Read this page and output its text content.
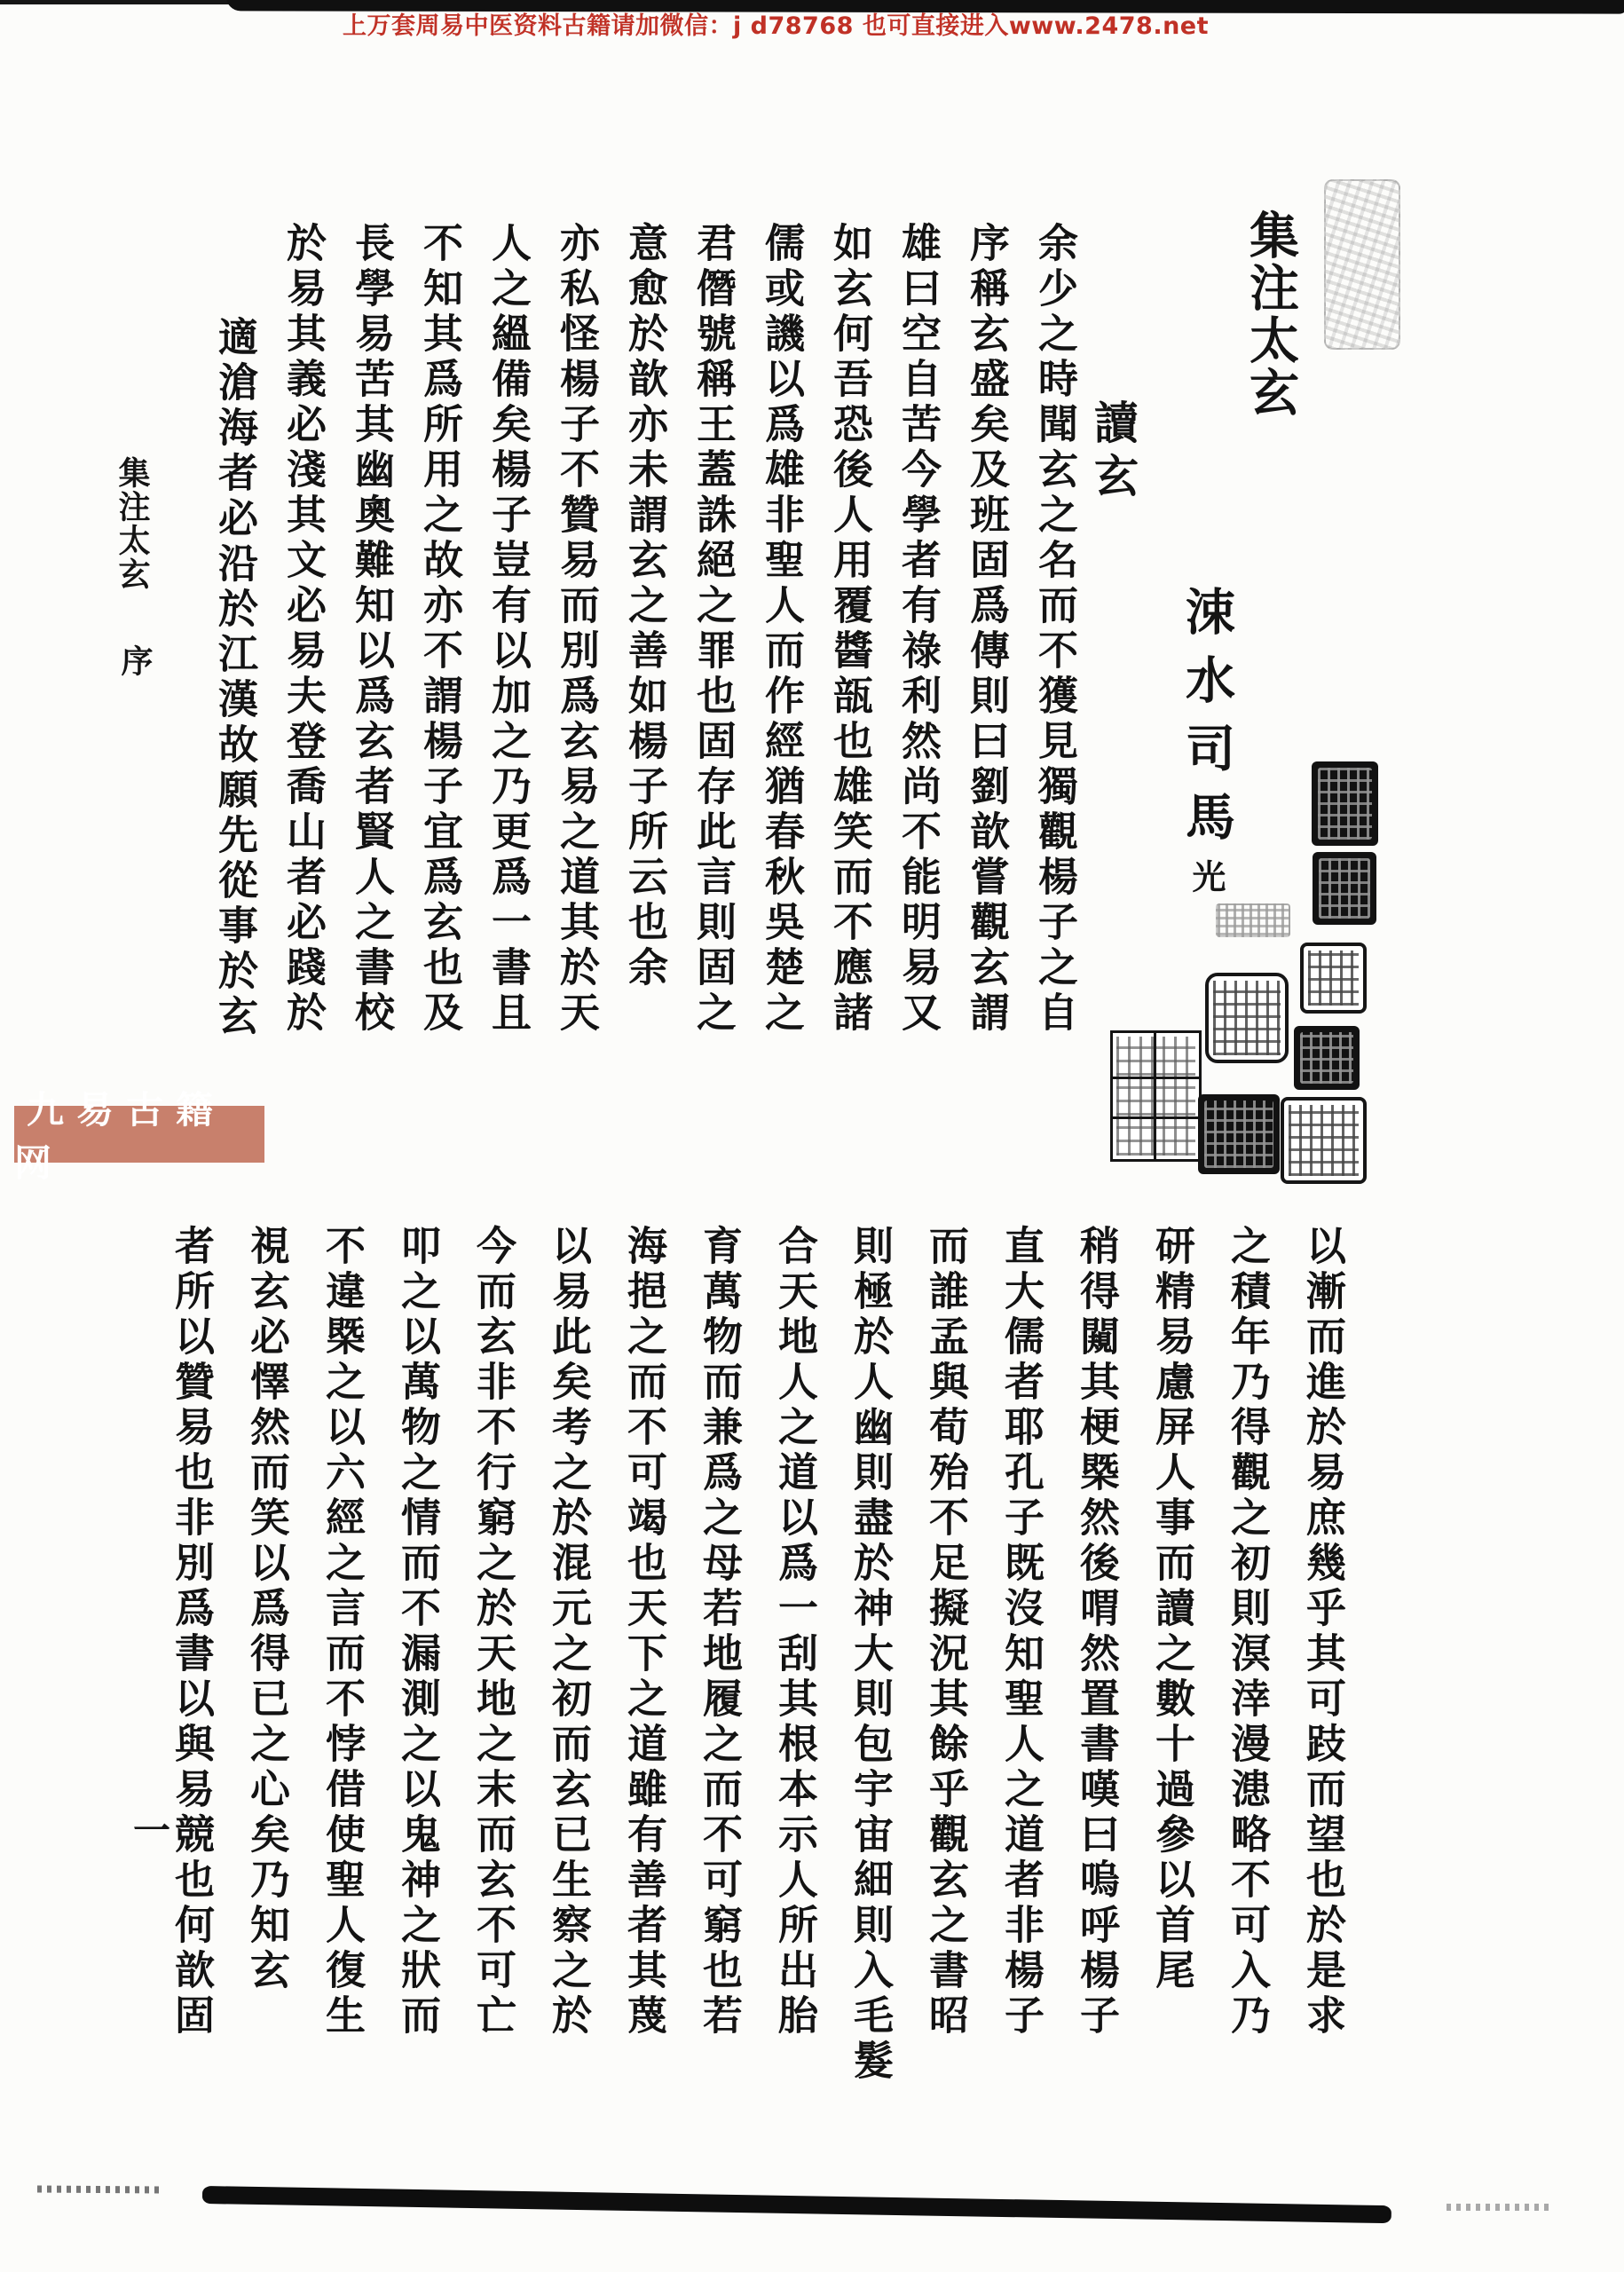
上万套周易中医资料古籍请加微信：j d78768 也可直接进入www.2478.net
集注太玄
讀玄
涑水司馬
光
余少之時聞玄之名而不獲見獨觀楊子之自
序稱玄盛矣及班固爲傳則曰劉歆嘗觀玄謂
雄曰空自苦今學者有祿利然尚不能明易又
如玄何吾恐後人用覆醬瓿也雄笑而不應諸
儒或譏以爲雄非聖人而作經猶春秋吳楚之
君僭號稱王蓋誅絕之罪也固存此言則固之
意愈於歆亦未謂玄之善如楊子所云也余
亦私怪楊子不贊易而別爲玄易之道其於天
人之縕備矣楊子豈有以加之乃更爲一書且
不知其爲所用之故亦不謂楊子宜爲玄也及
長學易苦其幽奧難知以爲玄者賢人之書校
於易其義必淺其文必易夫登喬山者必踐於
適滄海者必沿於江漢故願先從事於玄
集注太玄
序
九易古籍网
以漸而進於易庶幾乎其可跂而望也於是求
之積年乃得觀之初則溟涬漫漶略不可入乃
研精易慮屏人事而讀之數十過參以首尾
稍得闚其梗槩然後喟然置書嘆曰嗚呼楊子
直大儒者耶孔子既沒知聖人之道者非楊子
而誰孟與荀殆不足擬況其餘乎觀玄之書昭
則極於人幽則盡於神大則包宇宙細則入毛髮
合天地人之道以爲一刮其根本示人所出胎
育萬物而兼爲之母若地履之而不可窮也若
海挹之而不可竭也天下之道雖有善者其蔑
以易此矣考之於混元之初而玄已生察之於
今而玄非不行窮之於天地之末而玄不可亡
叩之以萬物之情而不漏測之以鬼神之狀而
不違槩之以六經之言而不悖借使聖人復生
視玄必懌然而笑以爲得已之心矣乃知玄
者所以贊易也非別爲書以與易競也何歆固
一
